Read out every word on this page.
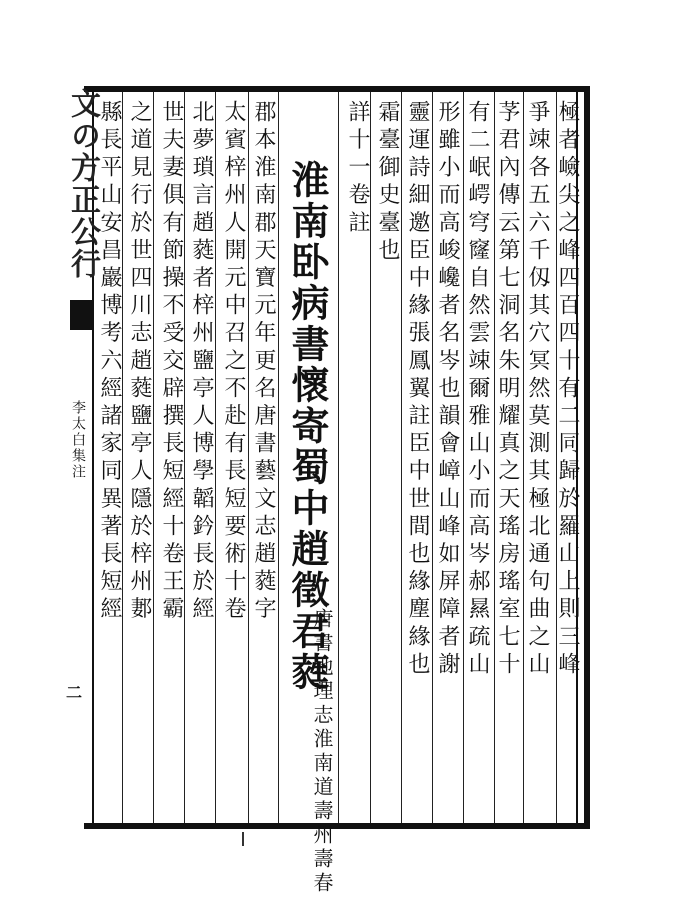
文の方正公行
李太白集注
二
極者嶮尖之峰四百四十有二同歸於羅山上則三峰
爭竦各五六千仭其穴冥然莫測其極北通句曲之山
芧君內傳云第七洞名朱明耀真之天瑤房瑤室七十
有二岷崿穹窿自然雲竦爾雅山小而高岑郝㬎疏山
形雖小而高峻巉者名岑也韻會嶂山峰如屏障者謝
靈運詩細邀臣中緣張鳳翼註臣中世間也緣塵緣也
霜臺御史臺也
詳十一卷註
淮南卧病書懷寄蜀中趙徵君蕤
唐書地理志淮南道壽州壽春
郡本淮南郡天寶元年更名唐書藝文志趙蕤字
太賓梓州人開元中召之不赴有長短要術十卷
北夢瑣言趙蕤者梓州鹽亭人博學韜鈐長於經
世夫妻俱有節操不受交辟撰長短經十卷王霸
之道見行於世四川志趙蕤鹽亭人隱於梓州郪
縣長平山安昌巖博考六經諸家同異著長短經
